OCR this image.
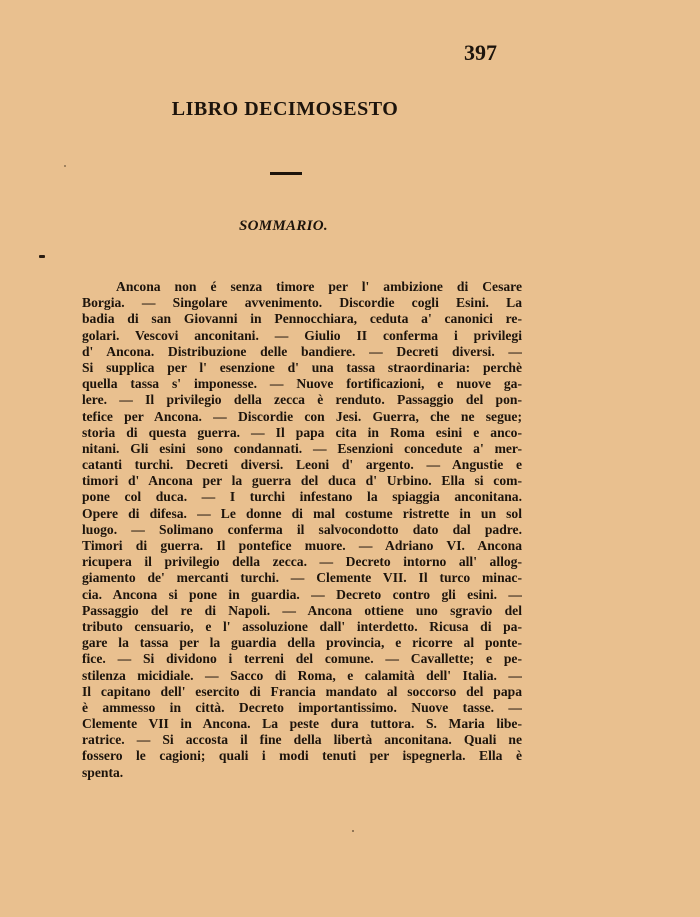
397
LIBRO DECIMOSESTO
SOMMARIO.
Ancona non é senza timore per l' ambizione di Cesare
Borgia. — Singolare avvenimento. Discordie cogli Esini. La
badia di san Giovanni in Pennocchiara, ceduta a' canonici re-
golari. Vescovi anconitani. — Giulio II conferma i privilegi
d' Ancona. Distribuzione delle bandiere. — Decreti diversi. —
Si supplica per l' esenzione d' una tassa straordinaria: perchè
quella tassa s' imponesse. — Nuove fortificazioni, e nuove ga-
lere. — Il privilegio della zecca è renduto. Passaggio del pon-
tefice per Ancona. — Discordie con Jesi. Guerra, che ne segue;
storia di questa guerra. — Il papa cita in Roma esini e anco-
nitani. Gli esini sono condannati. — Esenzioni concedute a' mer-
catanti turchi. Decreti diversi. Leoni d' argento. — Angustie e
timori d' Ancona per la guerra del duca d' Urbino. Ella si com-
pone col duca. — I turchi infestano la spiaggia anconitana.
Opere di difesa. — Le donne di mal costume ristrette in un sol
luogo. — Solimano conferma il salvocondotto dato dal padre.
Timori di guerra. Il pontefice muore. — Adriano VI. Ancona
ricupera il privilegio della zecca. — Decreto intorno all' allog-
giamento de' mercanti turchi. — Clemente VII. Il turco minac-
cia. Ancona si pone in guardia. — Decreto contro gli esini. —
Passaggio del re di Napoli. — Ancona ottiene uno sgravio del
tributo censuario, e l' assoluzione dall' interdetto. Ricusa di pa-
gare la tassa per la guardia della provincia, e ricorre al ponte-
fice. — Si dividono i terreni del comune. — Cavallette; e pe-
stilenza micidiale. — Sacco di Roma, e calamità dell' Italia. —
Il capitano dell' esercito di Francia mandato al soccorso del papa
è ammesso in città. Decreto importantissimo. Nuove tasse. —
Clemente VII in Ancona. La peste dura tuttora. S. Maria libe-
ratrice. — Si accosta il fine della libertà anconitana. Quali ne
fossero le cagioni; quali i modi tenuti per ispegnerla. Ella è
spenta.
